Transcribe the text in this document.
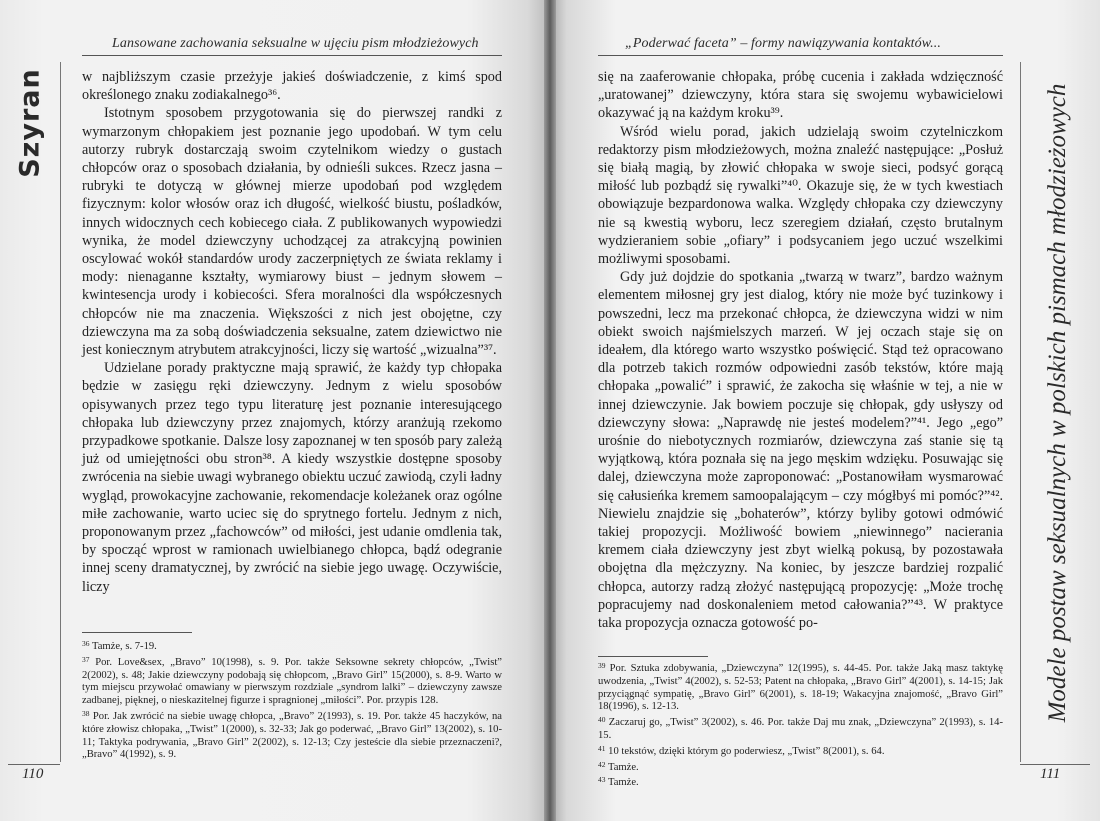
Lansowane zachowania seksualne w ujęciu pism młodzieżowych
Szyran	w najbliższym czasie przeżyje jakieś doświadczenie, z kimś spod określonego znaku zodiakalnego³⁶.

Istotnym sposobem przygotowania się do pierwszej randki z wymarzonym chłopakiem jest poznanie jego upodobań. W tym celu autorzy rubryk dostarczają swoim czytelnikom wiedzy o gustach chłopców oraz o sposobach działania, by odnieśli sukces. Rzecz jasna – rubryki te dotyczą w głównej mierze upodobań pod względem fizycznym: kolor włosów oraz ich długość, wielkość biustu, pośladków, innych widocznych cech kobiecego ciała. Z publikowanych wypowiedzi wynika, że model dziewczyny uchodzącej za atrakcyjną powinien oscylować wokół standardów urody zaczerpniętych ze świata reklamy i mody: nienaganne kształty, wymiarowy biust – jednym słowem – kwintesencja urody i kobiecości. Sfera moralności dla współczesnych chłopców nie ma znaczenia. Większości z nich jest obojętne, czy dziewczyna ma za sobą doświadczenia seksualne, zatem dziewictwo nie jest koniecznym atrybutem atrakcyjności, liczy się wartość „wizualna”³⁷.

Udzielane porady praktyczne mają sprawić, że każdy typ chłopaka będzie w zasięgu ręki dziewczyny. Jednym z wielu sposobów opisywanych przez tego typu literaturę jest poznanie interesującego chłopaka lub dziewczyny przez znajomych, którzy aranżują rzekomo przypadkowe spotkanie. Dalsze losy zapoznanej w ten sposób pary zależą już od umiejętności obu stron³⁸. A kiedy wszystkie dostępne sposoby zwrócenia na siebie uwagi wybranego obiektu uczuć zawiodą, czyli ładny wygląd, prowokacyjne zachowanie, rekomendacje koleżanek oraz ogólne miłe zachowanie, warto uciec się do sprytnego fortelu. Jednym z nich, proponowanym przez „fachowców” od miłości, jest udanie omdlenia tak, by spocząć wprost w ramionach uwielbianego chłopca, bądź odegranie innej sceny dramatycznej, by zwrócić na siebie jego uwagę. Oczywiście, liczy

$^{36}$ Tamże, s. 7-19.
$^{37}$ Por. Love&sex, „Bravo” 10(1998), s. 9. Por. także Seksowne sekrety chłopców, „Twist” 2(2002), s. 48; Jakie dziewczyny podobają się chłopcom, „Bravo Girl” 15(2000), s. 8-9. Warto w tym miejscu przywołać omawiany w pierwszym rozdziale „syndrom lalki” – dziewczyny zawsze zadbanej, pięknej, o nieskazitelnej figurze i spragnionej „miłości”. Por. przypis 128.
$^{38}$ Por. Jak zwrócić na siebie uwagę chłopca, „Bravo” 2(1993), s. 19. Por. także 45 haczyków, na które złowisz chłopaka, „Twist” 1(2000), s. 32-33; Jak go poderwać, „Bravo Girl” 13(2002), s. 10-11; Taktyka podrywania, „Bravo Girl” 2(2002), s. 12-13; Czy jesteście dla siebie przeznaczeni?, „Bravo” 4(1992), s. 9.
110
„Poderwać faceta” – formy nawiązywania kontaktów...
Modele postaw seksualnych w polskich pismach młodzieżowych

się na zaaferowanie chłopaka, próbę cucenia i zakłada wdzięczność „uratowanej” dziewczyny, która stara się swojemu wybawicielowi okazywać ją na każdym kroku³⁹.

Wśród wielu porad, jakich udzielają swoim czytelniczkom redaktorzy pism młodzieżowych, można znaleźć następujące: „Posłuż się białą magią, by złowić chłopaka w swoje sieci, podsyć gorącą miłość lub pozbądź się rywalki”⁴⁰. Okazuje się, że w tych kwestiach obowiązuje bezpardonowa walka. Względy chłopaka czy dziewczyny nie są kwestią wyboru, lecz szeregiem działań, często brutalnym wydzieraniem sobie „ofiary” i podsycaniem jego uczuć wszelkimi możliwymi sposobami.

Gdy już dojdzie do spotkania „twarzą w twarz”, bardzo ważnym elementem miłosnej gry jest dialog, który nie może być tuzinkowy i powszedni, lecz ma przekonać chłopca, że dziewczyna widzi w nim obiekt swoich najśmielszych marzeń. W jej oczach staje się on ideałem, dla którego warto wszystko poświęcić. Stąd też opracowano dla potrzeb takich rozmów odpowiedni zasób tekstów, które mają chłopaka „powalić” i sprawić, że zakocha się właśnie w tej, a nie w innej dziewczynie. Jak bowiem poczuje się chłopak, gdy usłyszy od dziewczyny słowa: „Naprawdę nie jesteś modelem?”⁴¹. Jego „ego” urośnie do niebotycznych rozmiarów, dziewczyna zaś stanie się tą wyjątkową, która poznała się na jego męskim wdzięku. Posuwając się dalej, dziewczyna może zaproponować: „Postanowiłam wysmarować się całusieńka kremem samoopalającym – czy mógłbyś mi pomóc?”⁴². Niewielu znajdzie się „bohaterów”, którzy byliby gotowi odmówić takiej propozycji. Możliwość bowiem „niewinnego” nacierania kremem ciała dziewczyny jest zbyt wielką pokusą, by pozostawała obojętna dla mężczyzny. Na koniec, by jeszcze bardziej rozpalić chłopca, autorzy radzą złożyć następującą propozycję: „Może trochę popracujemy nad doskonaleniem metod całowania?”⁴³. W praktyce taka propozycja oznacza gotowość po-

$^{39}$ Por. Sztuka zdobywania, „Dziewczyna” 12(1995), s. 44-45. Por. także Jaką masz taktykę uwodzenia, „Twist” 4(2002), s. 52-53; Patent na chłopaka, „Bravo Girl” 4(2001), s. 14-15; Jak przyciągnąć sympatię, „Bravo Girl” 6(2001), s. 18-19; Wakacyjna znajomość, „Bravo Girl” 18(1996), s. 12-13.
$^{40}$ Zaczaruj go, „Twist” 3(2002), s. 46. Por. także Daj mu znak, „Dziewczyna” 2(1993), s. 14-15.
$^{41}$ 10 tekstów, dzięki którym go poderwiesz, „Twist” 8(2001), s. 64.
$^{42}$ Tamże.
$^{43}$ Tamże.
111
